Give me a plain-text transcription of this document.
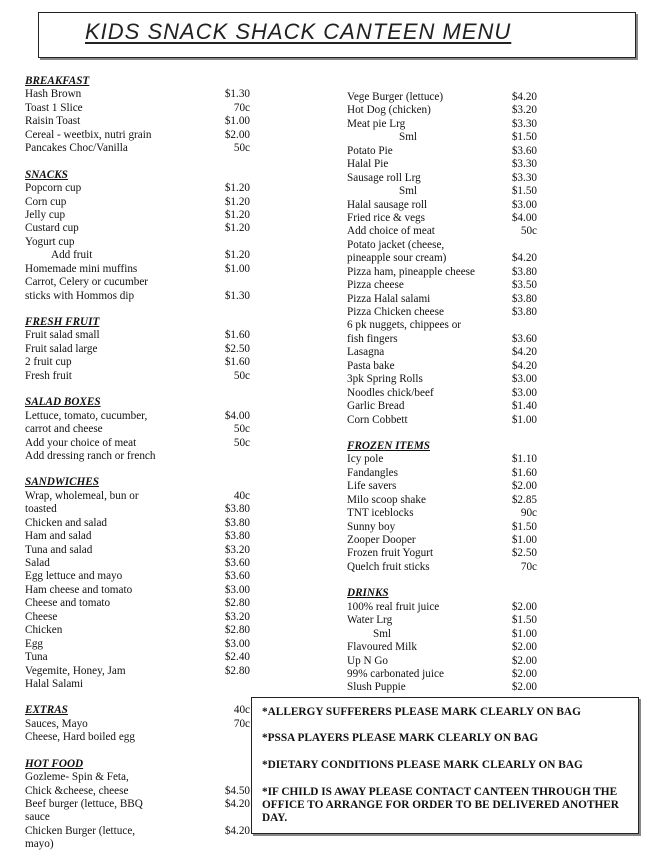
KIDS SNACK SHACK CANTEEN MENU
BREAKFAST
Hash Brown	$1.30
Toast 1 Slice	70c
Raisin Toast	$1.00
Cereal - weetbix, nutri grain	$2.00
Pancakes Choc/Vanilla	50c
SNACKS
Popcorn cup	$1.20
Corn cup	$1.20
Jelly cup	$1.20
Custard cup	$1.20
Yogurt cup
Add fruit	$1.20
Homemade mini muffins	$1.00
Carrot, Celery or cucumber
sticks with Hommos dip	$1.30
FRESH FRUIT
Fruit salad small	$1.60
Fruit salad large	$2.50
2 fruit cup	$1.60
Fresh fruit	50c
SALAD BOXES
Lettuce, tomato, cucumber,	$4.00
carrot and cheese	50c
Add your choice of meat	50c
Add dressing ranch or french
SANDWICHES
Wrap, wholemeal, bun or	40c
toasted	$3.80
Chicken and salad	$3.80
Ham and salad	$3.80
Tuna and salad	$3.20
Salad	$3.60
Egg lettuce and mayo	$3.60
Ham cheese and tomato	$3.00
Cheese and tomato	$2.80
Cheese	$3.20
Chicken	$2.80
Egg	$3.00
Tuna	$2.40
Vegemite, Honey, Jam	$2.80
Halal Salami
EXTRAS	40c
Sauces, Mayo	70c
Cheese, Hard boiled egg
HOT FOOD
Gozleme- Spin & Feta,
Chick &cheese, cheese	$4.50
Beef burger (lettuce, BBQ	$4.20
sauce
Chicken Burger (lettuce,	$4.20
mayo)
Vege Burger (lettuce)	$4.20
Hot Dog (chicken)	$3.20
Meat pie Lrg	$3.30
Sml	$1.50
Potato Pie	$3.60
Halal Pie	$3.30
Sausage roll Lrg	$3.30
Sml	$1.50
Halal sausage roll	$3.00
Fried rice & vegs	$4.00
Add choice of meat	50c
Potato jacket (cheese,
pineapple sour cream)	$4.20
Pizza ham, pineapple cheese	$3.80
Pizza cheese	$3.50
Pizza Halal salami	$3.80
Pizza Chicken cheese	$3.80
6 pk nuggets, chippees or
fish fingers	$3.60
Lasagna	$4.20
Pasta bake	$4.20
3pk Spring Rolls	$3.00
Noodles chick/beef	$3.00
Garlic Bread	$1.40
Corn Cobbett	$1.00
FROZEN ITEMS
Icy pole	$1.10
Fandangles	$1.60
Life savers	$2.00
Milo scoop shake	$2.85
TNT iceblocks	90c
Sunny boy	$1.50
Zooper Dooper	$1.00
Frozen fruit Yogurt	$2.50
Quelch fruit sticks	70c
DRINKS
100% real fruit juice	$2.00
Water Lrg	$1.50
Sml	$1.00
Flavoured Milk	$2.00
Up N Go	$2.00
99% carbonated juice	$2.00
Slush Puppie	$2.00
*ALLERGY SUFFERERS PLEASE MARK CLEARLY ON BAG
*PSSA PLAYERS PLEASE MARK CLEARLY ON BAG
*DIETARY CONDITIONS PLEASE MARK CLEARLY ON BAG
*IF CHILD IS AWAY PLEASE CONTACT CANTEEN THROUGH THE OFFICE TO ARRANGE FOR ORDER TO BE DELIVERED ANOTHER DAY.
